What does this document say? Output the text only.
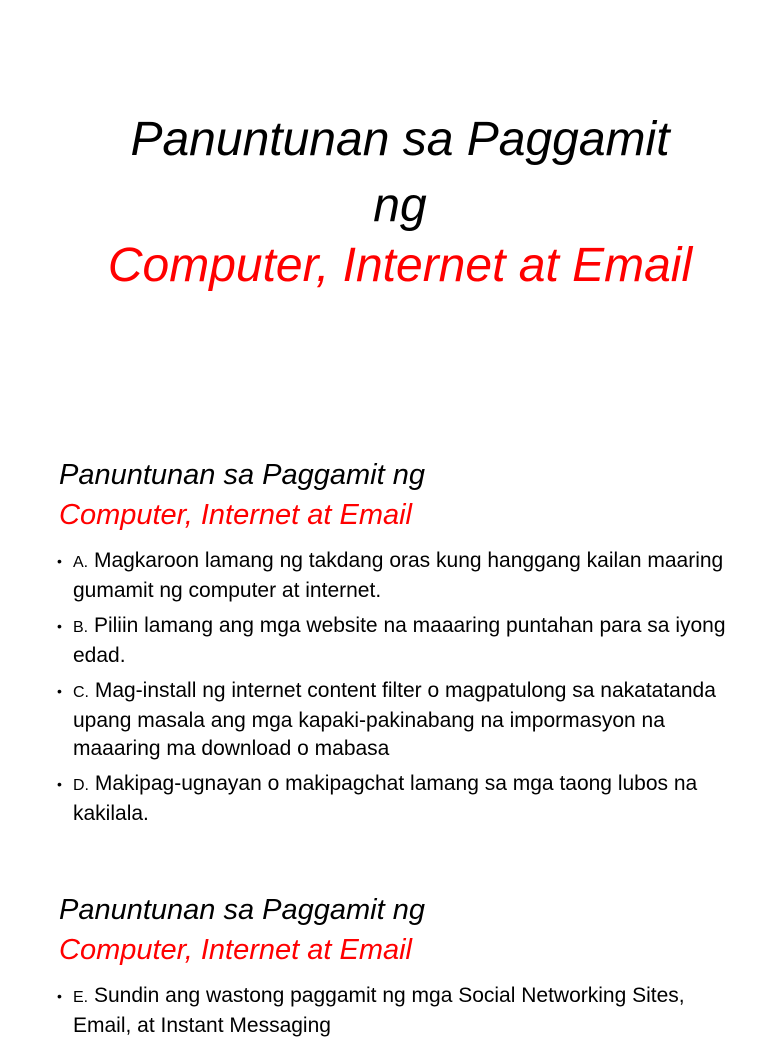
Panuntunan sa Paggamit
ng
Computer, Internet at Email
Panuntunan sa Paggamit ng
Computer, Internet at Email
• A. Magkaroon lamang ng takdang oras kung hanggang kailan maaring gumamit ng computer at internet.
• B. Piliin lamang ang mga website na maaaring puntahan para sa iyong edad.
• C. Mag-install ng internet content filter o magpatulong sa nakatatanda upang masala ang mga kapaki-pakinabang na impormasyon na maaaring ma download o mabasa
• D. Makipag-ugnayan o makipagchat lamang sa mga taong lubos na kakilala.
Panuntunan sa Paggamit ng
Computer, Internet at Email
• E. Sundin ang wastong paggamit ng mga Social Networking Sites, Email, at Instant Messaging
